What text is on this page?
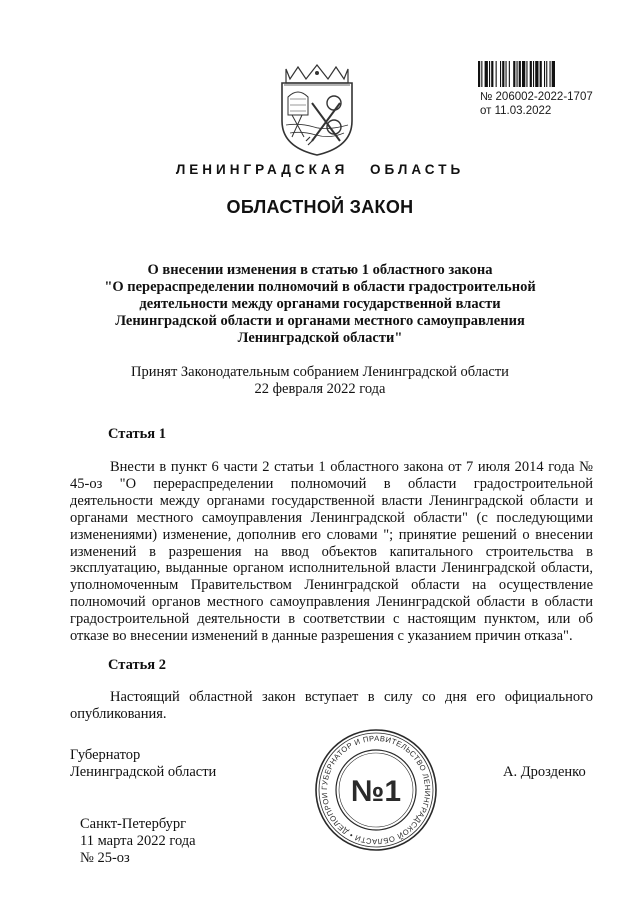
№ 206002-2022-1707
от 11.03.2022
ЛЕНИНГРАДСКАЯ ОБЛАСТЬ
ОБЛАСТНОЙ ЗАКОН
О внесении изменения в статью 1 областного закона
"О перераспределении полномочий в области градостроительной
деятельности между органами государственной власти
Ленинградской области и органами местного самоуправления
Ленинградской области"
Принят Законодательным собранием Ленинградской области
22 февраля 2022 года
Статья 1
Внести в пункт 6 части 2 статьи 1 областного закона от 7 июля 2014 года № 45-оз "О перераспределении полномочий в области градостроительной деятельности между органами государственной власти Ленинградской области и органами местного самоуправления Ленинградской области" (с последующими изменениями) изменение, дополнив его словами "; принятие решений о внесении изменений в разрешения на ввод объектов капитального строительства в эксплуатацию, выданные органом исполнительной власти Ленинградской области, уполномоченным Правительством Ленинградской области на осуществление полномочий органов местного самоуправления Ленинградской области в области градостроительной деятельности в соответствии с настоящим пунктом, или об отказе во внесении изменений в данные разрешения с указанием причин отказа".
Статья 2
Настоящий областной закон вступает в силу со дня его официального опубликования.
Губернатор
Ленинградской области
ГУБЕРНАТОР И ПРАВИТЕЛЬСТВО ЛЕНИНГРАДСКОЙ ОБЛАСТИ • ДЕЛОПРОИ №1
А. Дрозденко
Санкт-Петербург
11 марта 2022 года
№ 25-оз
